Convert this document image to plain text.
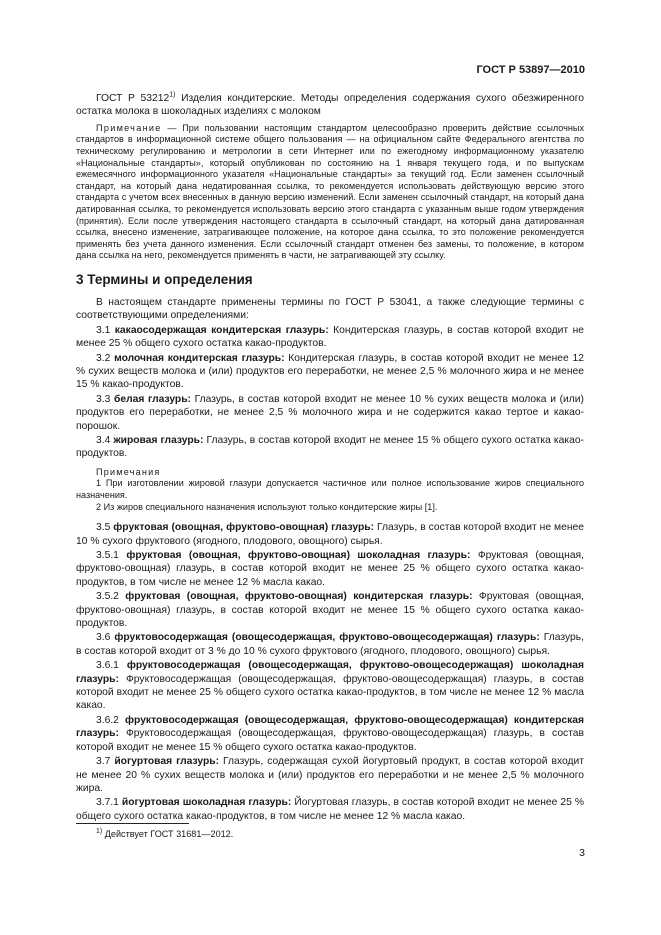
ГОСТ Р 53897—2010

ГОСТ Р 53212$^{1)}$ Изделия кондитерские. Методы определения содержания сухого обезжиренного остатка молока в шоколадных изделиях с молоком

Примечание — При пользовании настоящим стандартом целесообразно проверить действие ссылочных стандартов в информационной системе общего пользования — на официальном сайте Федерального агентства по техническому регулированию и метрологии в сети Интернет или по ежегодному информационному указателю «Национальные стандарты», который опубликован по состоянию на 1 января текущего года, и по выпускам ежемесячного информационного указателя «Национальные стандарты» за текущий год. Если заменен ссылочный стандарт, на который дана недатированная ссылка, то рекомендуется использовать действующую версию этого стандарта с учетом всех внесенных в данную версию изменений. Если заменен ссылочный стандарт, на который дана датированная ссылка, то рекомендуется использовать версию этого стандарта с указанным выше годом утверждения (принятия). Если после утверждения настоящего стандарта в ссылочный стандарт, на который дана датированная ссылка, внесено изменение, затрагивающее положение, на которое дана ссылка, то это положение рекомендуется применять без учета данного изменения. Если ссылочный стандарт отменен без замены, то положение, в котором дана ссылка на него, рекомендуется применять в части, не затрагивающей эту ссылку.

3 Термины и определения

В настоящем стандарте применены термины по ГОСТ Р 53041, а также следующие термины с соответствующими определениями:

3.1 какаосодержащая кондитерская глазурь: Кондитерская глазурь, в состав которой входит не менее 25 % общего сухого остатка какао-продуктов.

3.2 молочная кондитерская глазурь: Кондитерская глазурь, в состав которой входит не менее 12 % сухих веществ молока и (или) продуктов его переработки, не менее 2,5 % молочного жира и не менее 15 % какао-продуктов.

3.3 белая глазурь: Глазурь, в состав которой входит не менее 10 % сухих веществ молока и (или) продуктов его переработки, не менее 2,5 % молочного жира и не содержится какао тертое и какао-порошок.

3.4 жировая глазурь: Глазурь, в состав которой входит не менее 15 % общего сухого остатка какао-продуктов.

Примечания

1 При изготовлении жировой глазури допускается частичное или полное использование жиров специального назначения.

2 Из жиров специального назначения используют только кондитерские жиры [1].

3.5 фруктовая (овощная, фруктово-овощная) глазурь: Глазурь, в состав которой входит не менее 10 % сухого фруктового (ягодного, плодового, овощного) сырья.

3.5.1 фруктовая (овощная, фруктово-овощная) шоколадная глазурь: Фруктовая (овощная, фруктово-овощная) глазурь, в состав которой входит не менее 25 % общего сухого остатка какао-продуктов, в том числе не менее 12 % масла какао.

3.5.2 фруктовая (овощная, фруктово-овощная) кондитерская глазурь: Фруктовая (овощная, фруктово-овощная) глазурь, в состав которой входит не менее 15 % общего сухого остатка какао-продуктов.

3.6 фруктовосодержащая (овощесодержащая, фруктово-овощесодержащая) глазурь: Глазурь, в состав которой входит от 3 % до 10 % сухого фруктового (ягодного, плодового, овощного) сырья.

3.6.1 фруктовосодержащая (овощесодержащая, фруктово-овощесодержащая) шоколадная глазурь: Фруктовосодержащая (овощесодержащая, фруктово-овощесодержащая) глазурь, в состав которой входит не менее 25 % общего сухого остатка какао-продуктов, в том числе не менее 12 % масла какао.

3.6.2 фруктовосодержащая (овощесодержащая, фруктово-овощесодержащая) кондитерская глазурь: Фруктовосодержащая (овощесодержащая, фруктово-овощесодержащая) глазурь, в состав которой входит не менее 15 % общего сухого остатка какао-продуктов.

3.7 йогуртовая глазурь: Глазурь, содержащая сухой йогуртовый продукт, в состав которой входит не менее 20 % сухих веществ молока и (или) продуктов его переработки и не менее 2,5 % молочного жира.

3.7.1 йогуртовая шоколадная глазурь: Йогуртовая глазурь, в состав которой входит не менее 25 % общего сухого остатка какао-продуктов, в том числе не менее 12 % масла какао.

$^{1)}$ Действует ГОСТ 31681—2012.
3
